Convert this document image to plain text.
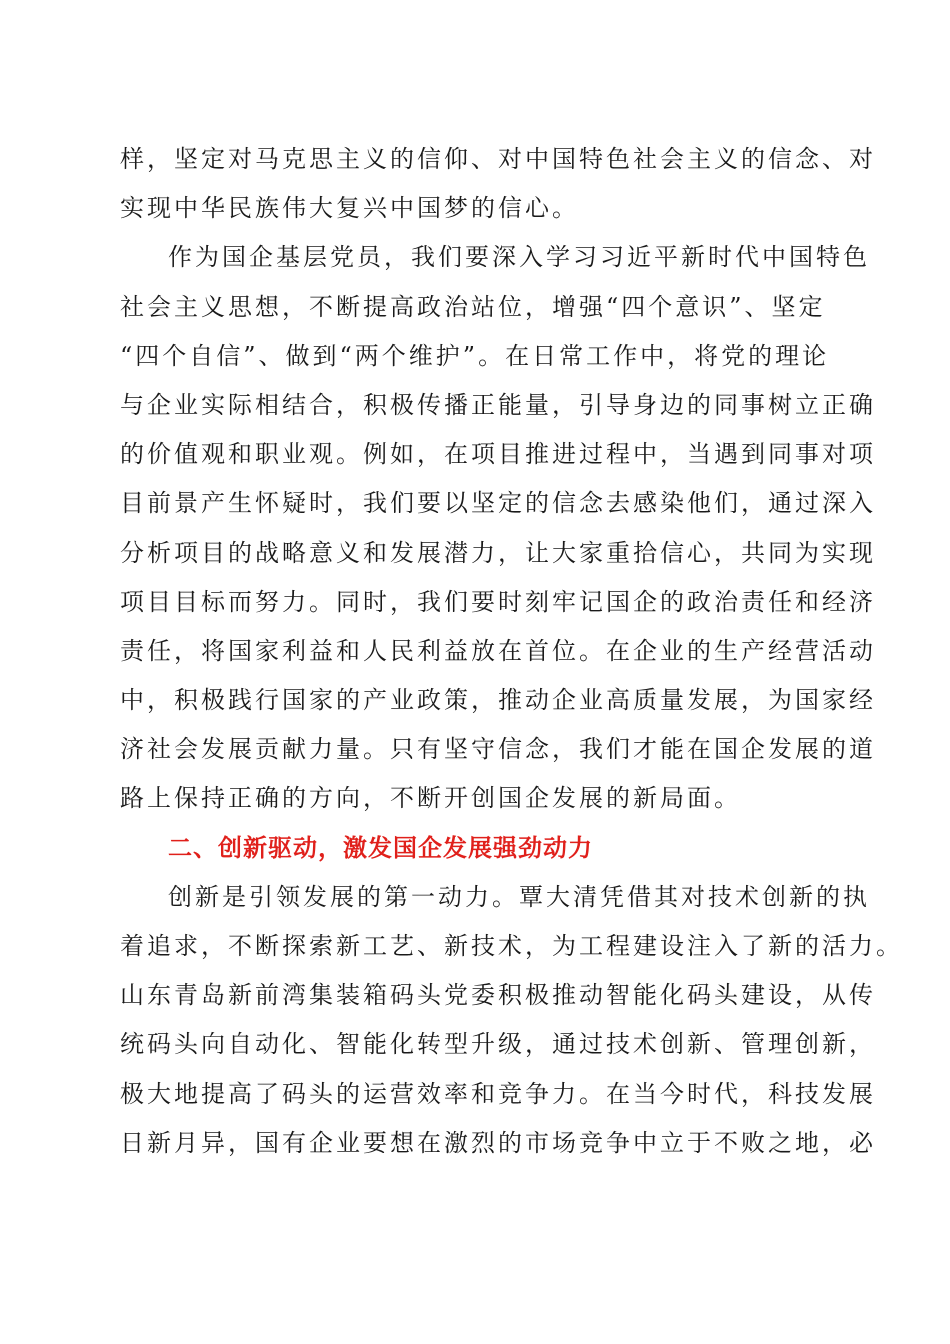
样，坚定对马克思主义的信仰、对中国特色社会主义的信念、对
实现中华民族伟大复兴中国梦的信心。
作为国企基层党员，我们要深入学习习近平新时代中国特色
社会主义思想，不断提高政治站位，增强“四个意识”、坚定
“四个自信”、做到“两个维护”。在日常工作中，将党的理论
与企业实际相结合，积极传播正能量，引导身边的同事树立正确
的价值观和职业观。例如，在项目推进过程中，当遇到同事对项
目前景产生怀疑时，我们要以坚定的信念去感染他们，通过深入
分析项目的战略意义和发展潜力，让大家重拾信心，共同为实现
项目目标而努力。同时，我们要时刻牢记国企的政治责任和经济
责任，将国家利益和人民利益放在首位。在企业的生产经营活动
中，积极践行国家的产业政策，推动企业高质量发展，为国家经
济社会发展贡献力量。只有坚守信念，我们才能在国企发展的道
路上保持正确的方向，不断开创国企发展的新局面。
二、创新驱动，激发国企发展强劲动力
创新是引领发展的第一动力。覃大清凭借其对技术创新的执
着追求，不断探索新工艺、新技术，为工程建设注入了新的活力。
山东青岛新前湾集装箱码头党委积极推动智能化码头建设，从传
统码头向自动化、智能化转型升级，通过技术创新、管理创新，
极大地提高了码头的运营效率和竞争力。在当今时代，科技发展
日新月异，国有企业要想在激烈的市场竞争中立于不败之地，必
